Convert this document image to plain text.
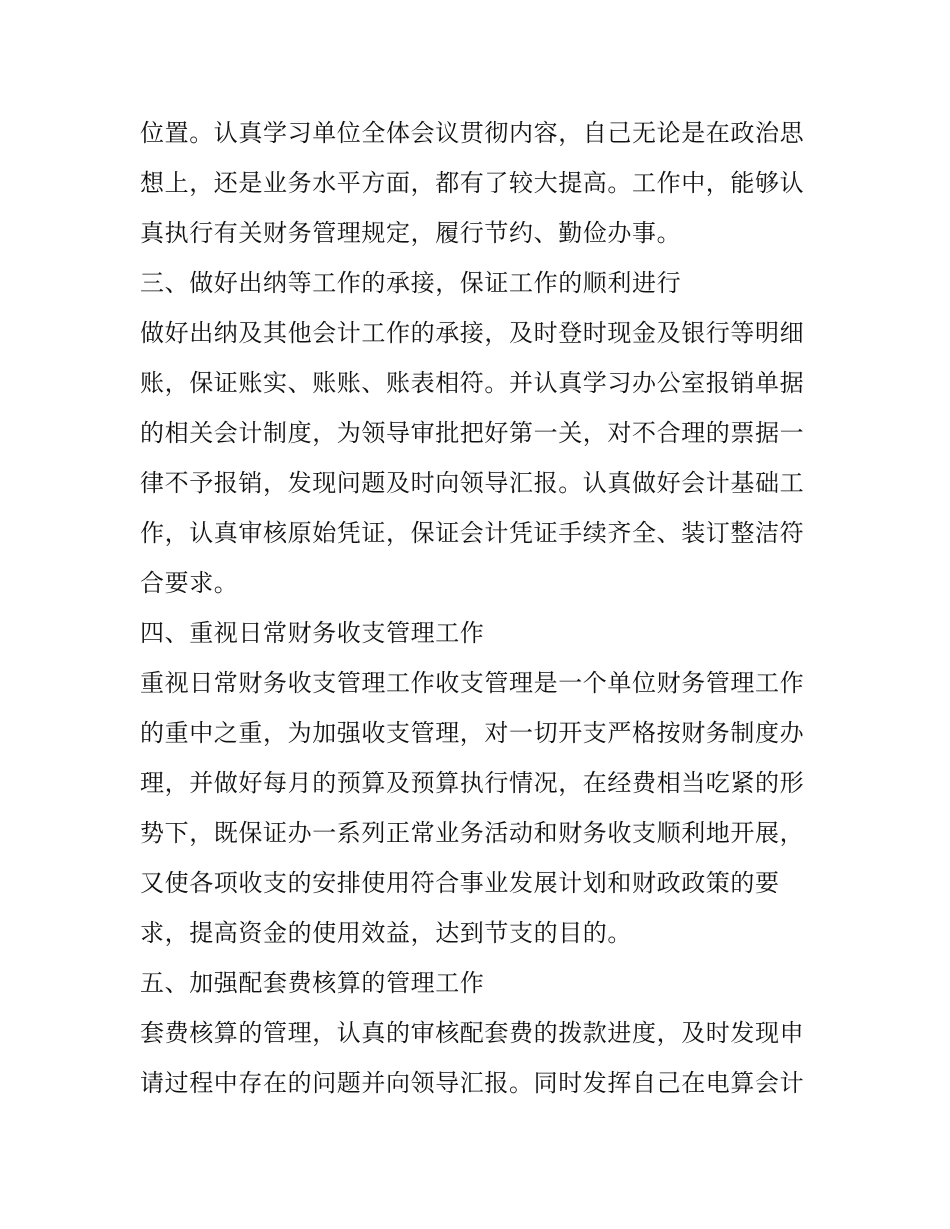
位置。认真学习单位全体会议贯彻内容，自己无论是在政治思
想上，还是业务水平方面，都有了较大提高。工作中，能够认
真执行有关财务管理规定，履行节约、勤俭办事。
三、做好出纳等工作的承接，保证工作的顺利进行
做好出纳及其他会计工作的承接，及时登时现金及银行等明细
账，保证账实、账账、账表相符。并认真学习办公室报销单据
的相关会计制度，为领导审批把好第一关，对不合理的票据一
律不予报销，发现问题及时向领导汇报。认真做好会计基础工
作，认真审核原始凭证，保证会计凭证手续齐全、装订整洁符
合要求。
四、重视日常财务收支管理工作
重视日常财务收支管理工作收支管理是一个单位财务管理工作
的重中之重，为加强收支管理，对一切开支严格按财务制度办
理，并做好每月的预算及预算执行情况，在经费相当吃紧的形
势下，既保证办一系列正常业务活动和财务收支顺利地开展，
又使各项收支的安排使用符合事业发展计划和财政政策的要
求，提高资金的使用效益，达到节支的目的。
五、加强配套费核算的管理工作
套费核算的管理，认真的审核配套费的拨款进度，及时发现申
请过程中存在的问题并向领导汇报。同时发挥自己在电算会计
